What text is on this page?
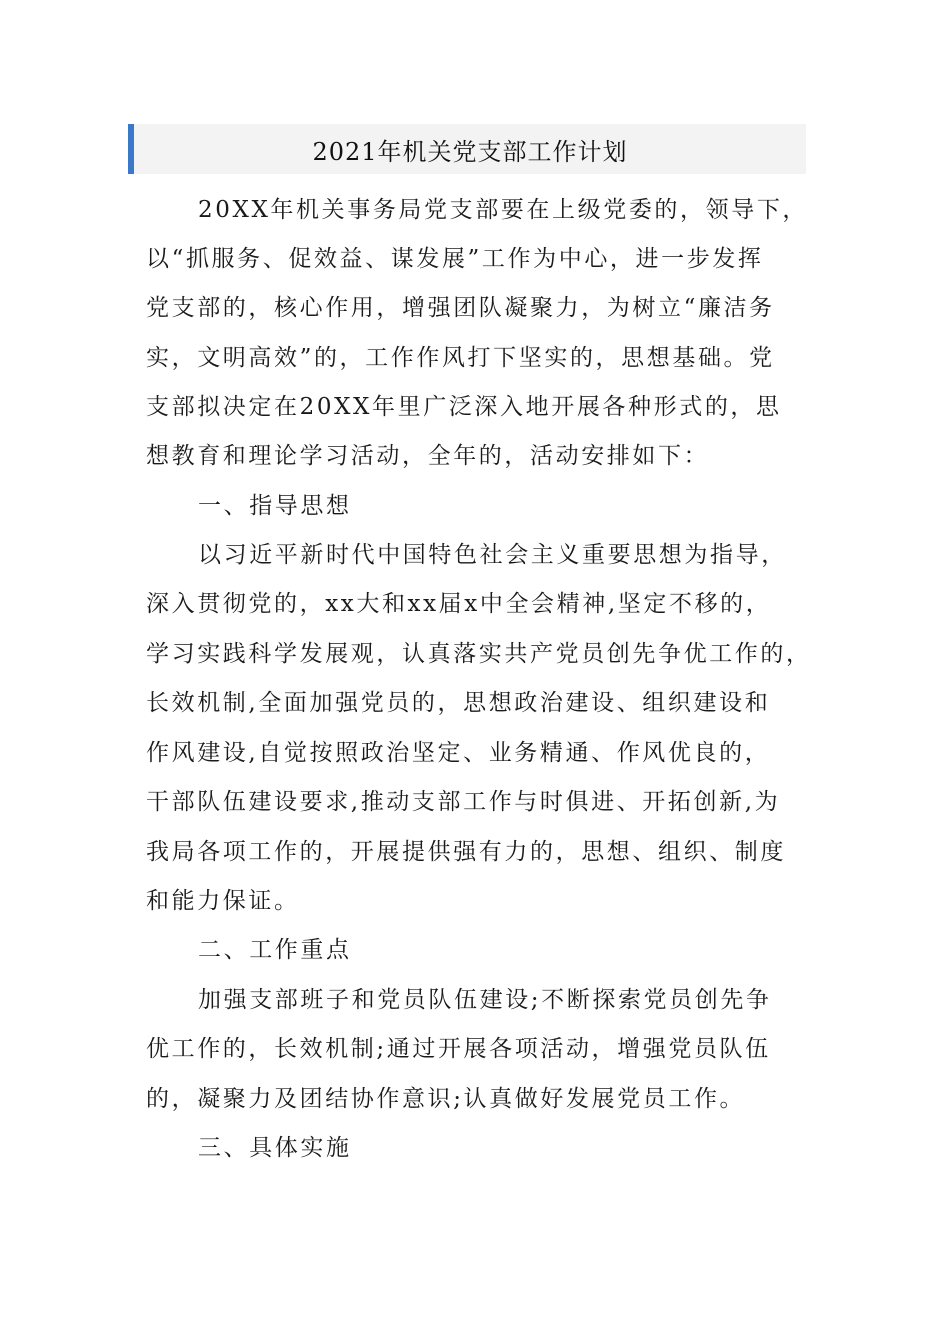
2021年机关党支部工作计划
20XX年机关事务局党支部要在上级党委的，领导下，
以“抓服务、促效益、谋发展”工作为中心，进一步发挥
党支部的，核心作用，增强团队凝聚力，为树立“廉洁务
实，文明高效”的，工作作风打下坚实的，思想基础。党
支部拟决定在20XX年里广泛深入地开展各种形式的，思
想教育和理论学习活动，全年的，活动安排如下：
一、指导思想
以习近平新时代中国特色社会主义重要思想为指导，
深入贯彻党的，xx大和xx届x中全会精神,坚定不移的，
学习实践科学发展观，认真落实共产党员创先争优工作的，
长效机制,全面加强党员的，思想政治建设、组织建设和
作风建设,自觉按照政治坚定、业务精通、作风优良的，
干部队伍建设要求,推动支部工作与时俱进、开拓创新,为
我局各项工作的，开展提供强有力的，思想、组织、制度
和能力保证。
二、工作重点
加强支部班子和党员队伍建设;不断探索党员创先争
优工作的，长效机制;通过开展各项活动，增强党员队伍
的，凝聚力及团结协作意识;认真做好发展党员工作。
三、具体实施
